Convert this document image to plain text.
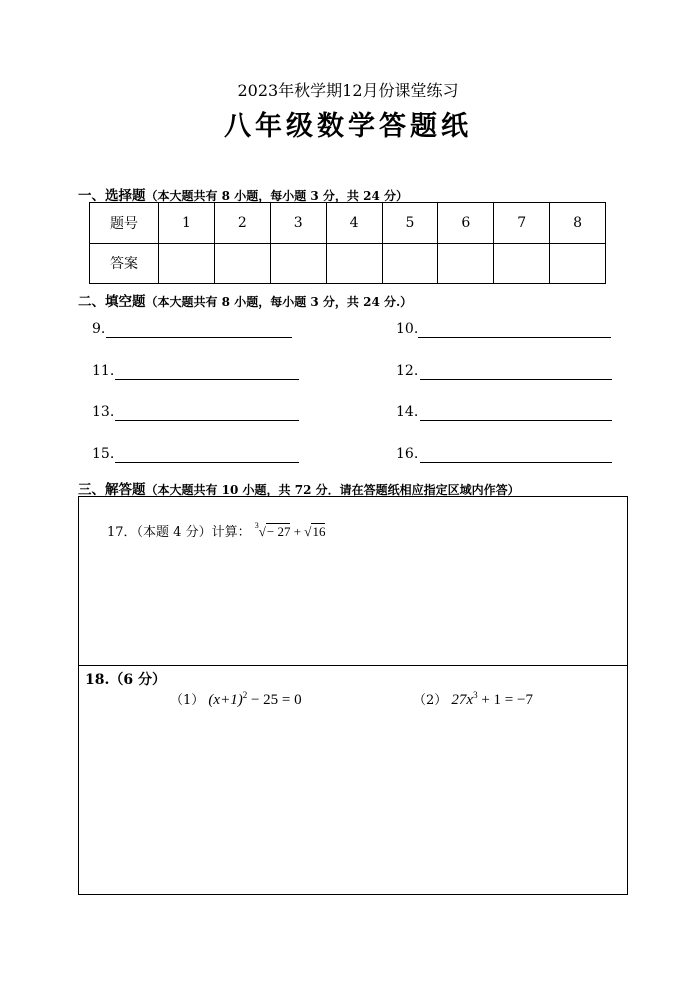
2023年秋学期12月份课堂练习
八年级数学答题纸
一、选择题（本大题共有 8 小题，每小题 3 分，共 24 分）
题号	1	2	3	4	5	6	7	8
答案								
二、填空题（本大题共有 8 小题，每小题 3 分，共 24 分.）
9.	10.
11.	12.
13.	14.
15.	16.
三、解答题（本大题共有 10 小题，共 72 分．请在答题纸相应指定区域内作答）
17．（本题 4 分）计算： $^3$√− 27 + √16
18.（6 分）
（1） $(x+1)^2 - 25 = 0$	（2） $27x^3 + 1 = -7$
